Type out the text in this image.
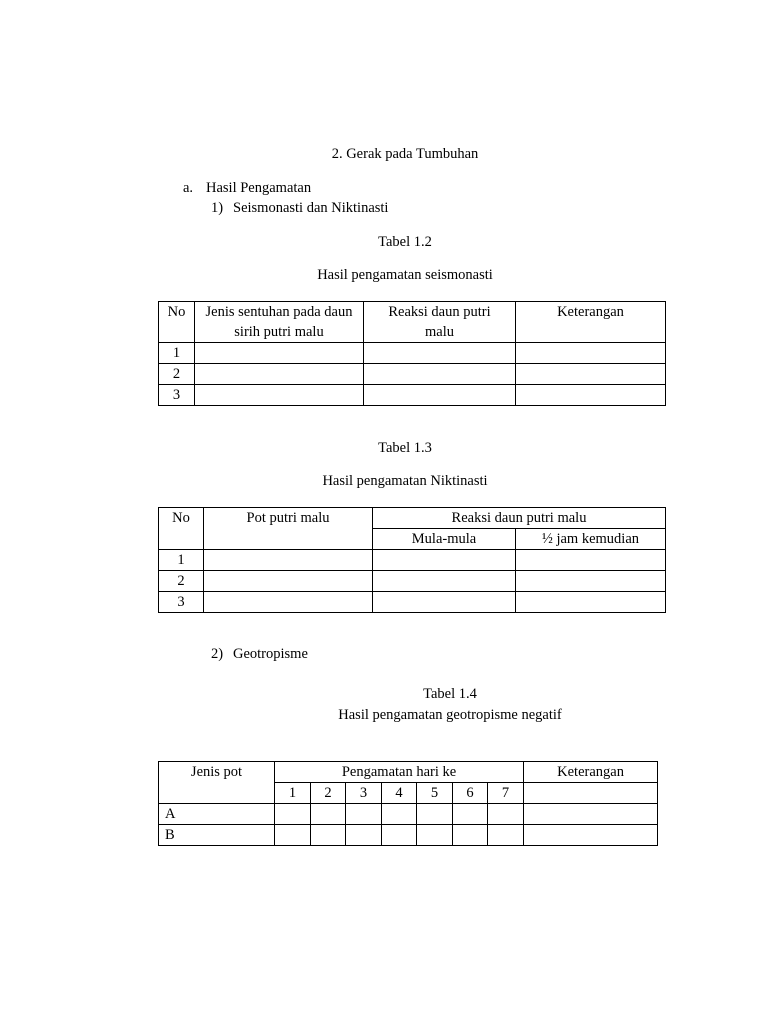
2. Gerak pada Tumbuhan
a. Hasil Pengamatan
1) Seismonasti dan Niktinasti
Tabel 1.2
Hasil pengamatan seismonasti
No	Jenis sentuhan pada daun sirih putri malu	Reaksi daun putri malu	Keterangan
1			
2			
3			
Tabel 1.3
Hasil pengamatan Niktinasti
No	Pot putri malu	Reaksi daun putri malu	
		Mula-mula	½ jam kemudian
1			
2			
3			
2) Geotropisme
Tabel 1.4
Hasil pengamatan geotropisme negatif
Jenis pot	Pengamatan hari ke							Keterangan
	1	2	3	4	5	6	7	
A								
B								
